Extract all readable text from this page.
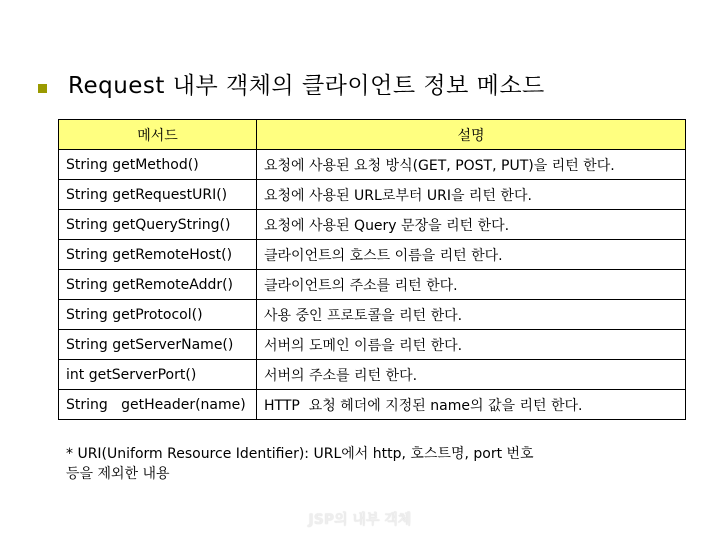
Request 내부 객체의 클라이언트 정보 메소드
메서드	설명
String getMethod()	요청에 사용된 요청 방식(GET, POST, PUT)을 리턴 한다.
String getRequestURI()	요청에 사용된 URL로부터 URI을 리턴 한다.
String getQueryString()	요청에 사용된 Query 문장을 리턴 한다.
String getRemoteHost()	클라이언트의 호스트 이름을 리턴 한다.
String getRemoteAddr()	클라이언트의 주소를 리턴 한다.
String getProtocol()	사용 중인 프로토콜을 리턴 한다.
String getServerName()	서버의 도메인 이름을 리턴 한다.
int getServerPort()	서버의 주소를 리턴 한다.
String   getHeader(name)	HTTP  요청 헤더에 지정된 name의 값을 리턴 한다.
* URI(Uniform Resource Identifier): URL에서 http, 호스트명, port 번호
등을 제외한 내용
JSP의 내부 객체
